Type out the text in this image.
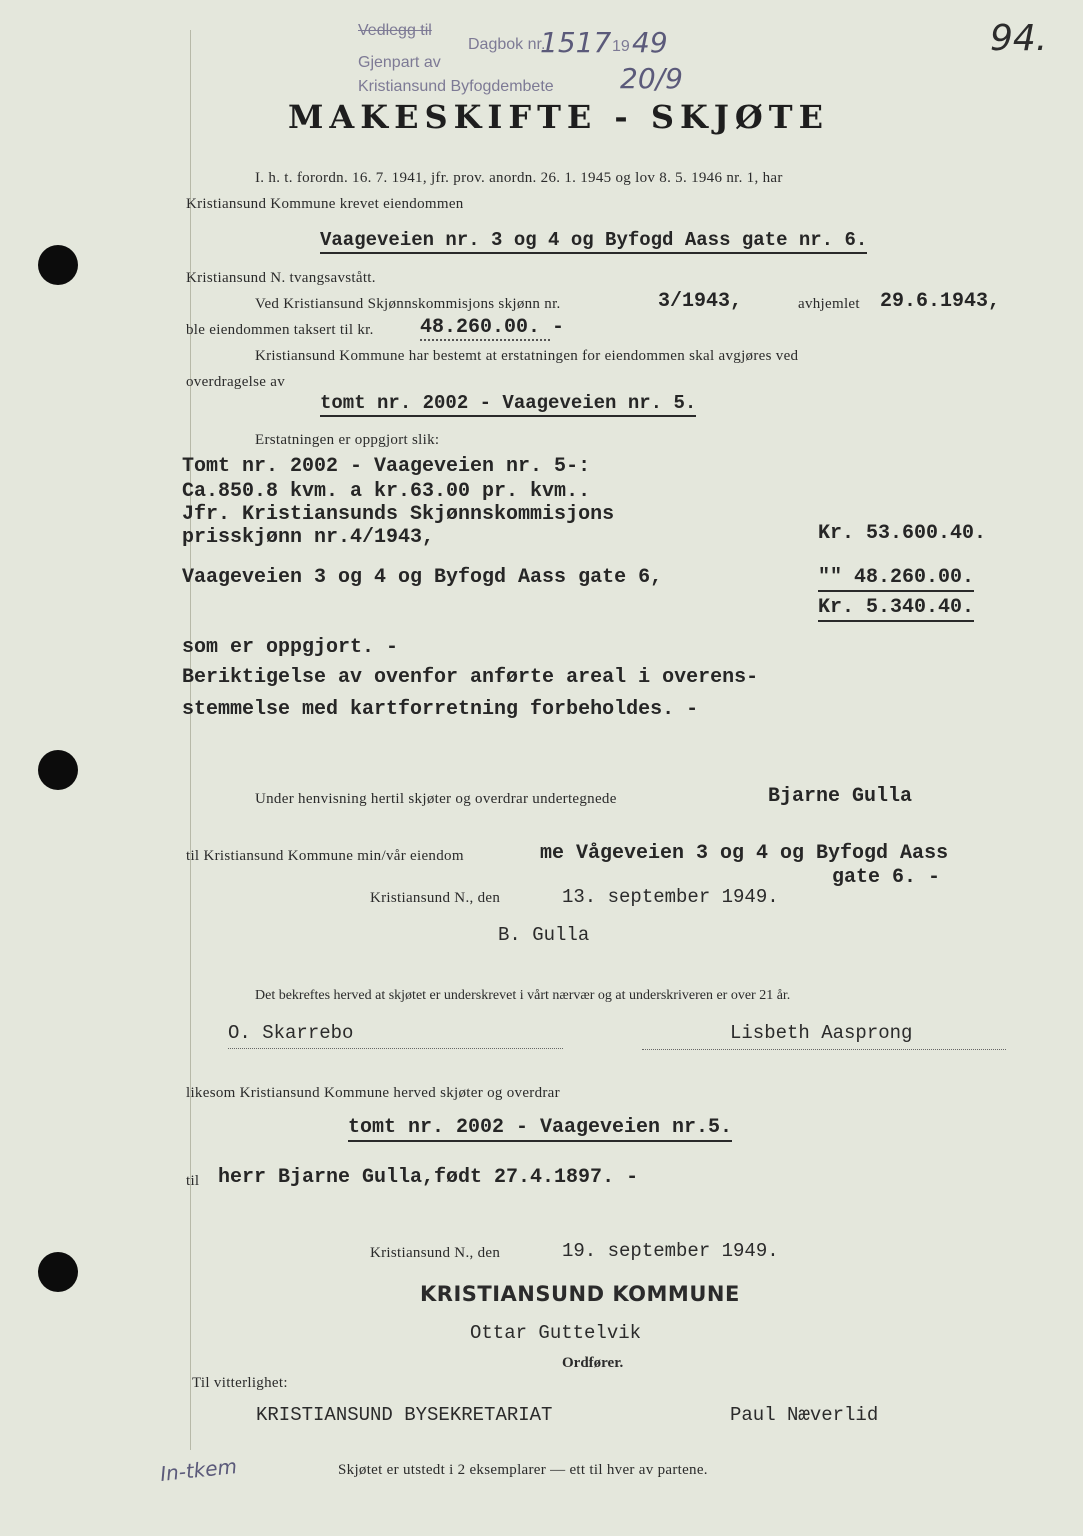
Vedlegg til
Dagbok nr.
1517 19 49
Gjenpart av
Kristiansund Byfogdembete 20/9
94.
MAKESKIFTE - SKJØTE
I. h. t. forordn. 16. 7. 1941, jfr. prov. anordn. 26. 1. 1945 og lov 8. 5. 1946 nr. 1, har
Kristiansund Kommune krevet eiendommen
Vaageveien nr. 3 og 4 og Byfogd Aass gate nr. 6.
Kristiansund N. tvangsavstått.
Ved Kristiansund Skjønnskommisjons skjønn nr.	3/1943,	avhjemlet 29.6.1943,
ble eiendommen taksert til kr. 48.260.00. -
Kristiansund Kommune har bestemt at erstatningen for eiendommen skal avgjøres ved
overdragelse av
tomt nr. 2002 - Vaageveien nr. 5.
Erstatningen er oppgjort slik:
Tomt nr. 2002 - Vaageveien nr. 5-:
Ca.850.8 kvm. a kr.63.00 pr. kvm..
Jfr. Kristiansunds Skjønnskommisjons
prisskjønn nr.4/1943,	Kr. 53.600.40.
Vaageveien 3 og 4 og Byfogd Aass gate 6,	"" 48.260.00.
Kr. 5.340.40.
som er oppgjort. -
Beriktigelse av ovenfor anførte areal i overens-
stemmelse med kartforretning forbeholdes. -
Under henvisning hertil skjøter og overdrar undertegnede	Bjarne Gulla
til Kristiansund Kommune min/vår eiendom	me Vågeveien 3 og 4 og Byfogd Aass
gate 6. -
Kristiansund N., den	13. september 1949.
B. Gulla
Det bekreftes herved at skjøtet er underskrevet i vårt nærvær og at underskriveren er over 21 år.
O. Skarrebo	Lisbeth Aasprong
likesom Kristiansund Kommune herved skjøter og overdrar
tomt nr. 2002 - Vaageveien nr.5.
til herr Bjarne Gulla,født 27.4.1897. -
Kristiansund N., den	19. september 1949.
KRISTIANSUND KOMMUNE
Ottar Guttelvik
Ordfører.
Til vitterlighet:
KRISTIANSUND BYSEKRETARIAT	Paul Næverlid
In-tkem	Skjøtet er utstedt i 2 eksemplarer — ett til hver av partene.
